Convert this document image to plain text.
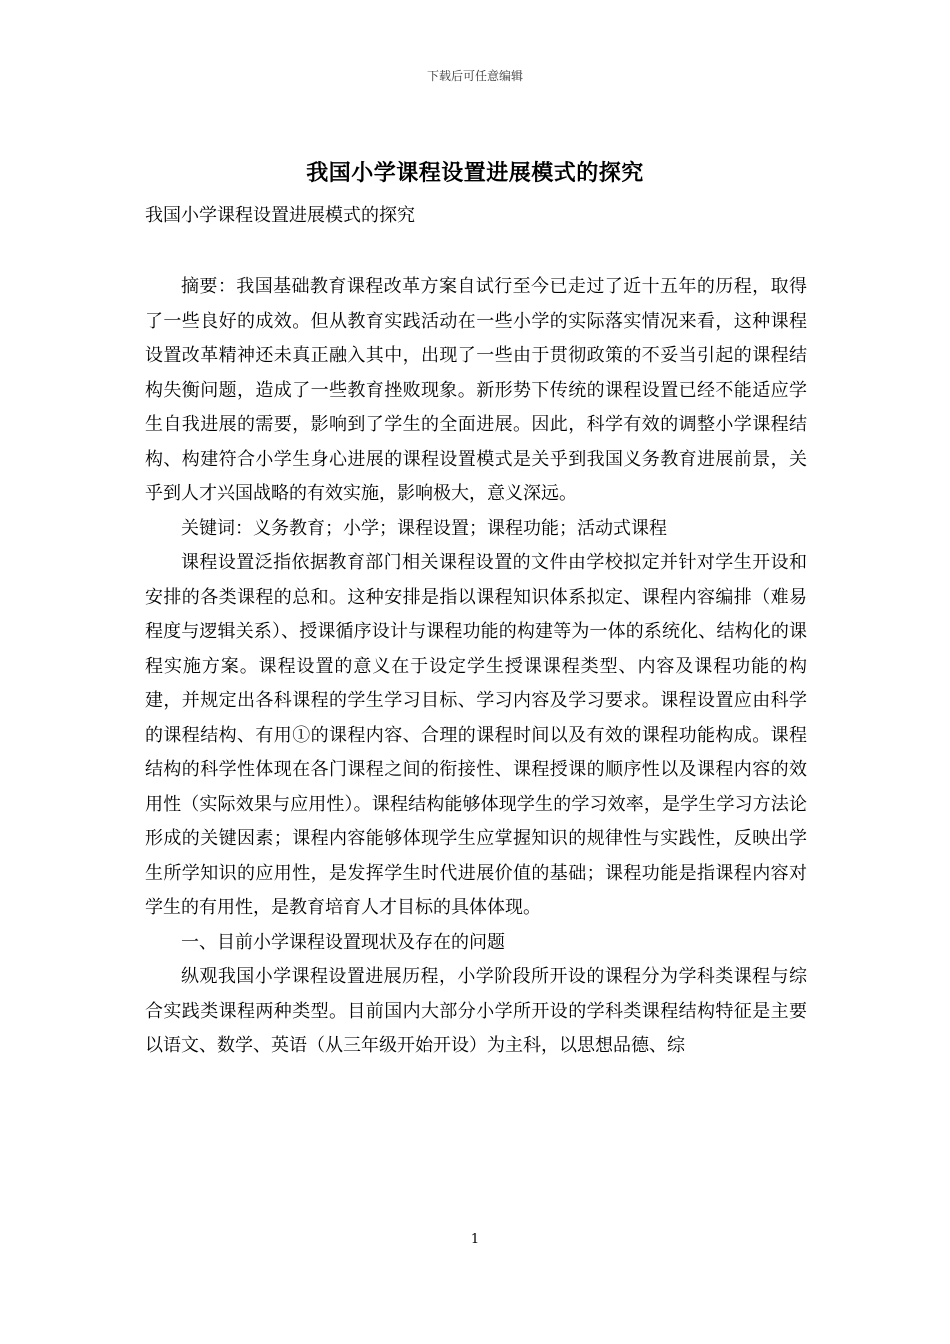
下载后可任意编辑
我国小学课程设置进展模式的探究
我国小学课程设置进展模式的探究

摘要：我国基础教育课程改革方案自试行至今已走过了近十五年的历程，取得了一些良好的成效。但从教育实践活动在一些小学的实际落实情况来看，这种课程设置改革精神还未真正融入其中，出现了一些由于贯彻政策的不妥当引起的课程结构失衡问题，造成了一些教育挫败现象。新形势下传统的课程设置已经不能适应学生自我进展的需要，影响到了学生的全面进展。因此，科学有效的调整小学课程结构、构建符合小学生身心进展的课程设置模式是关乎到我国义务教育进展前景，关乎到人才兴国战略的有效实施，影响极大，意义深远。

关键词：义务教育；小学；课程设置；课程功能；活动式课程

课程设置泛指依据教育部门相关课程设置的文件由学校拟定并针对学生开设和安排的各类课程的总和。这种安排是指以课程知识体系拟定、课程内容编排（难易程度与逻辑关系）、授课循序设计与课程功能的构建等为一体的系统化、结构化的课程实施方案。课程设置的意义在于设定学生授课课程类型、内容及课程功能的构建，并规定出各科课程的学生学习目标、学习内容及学习要求。课程设置应由科学的课程结构、有用①的课程内容、合理的课程时间以及有效的课程功能构成。课程结构的科学性体现在各门课程之间的衔接性、课程授课的顺序性以及课程内容的效用性（实际效果与应用性）。课程结构能够体现学生的学习效率，是学生学习方法论形成的关键因素；课程内容能够体现学生应掌握知识的规律性与实践性，反映出学生所学知识的应用性，是发挥学生时代进展价值的基础；课程功能是指课程内容对学生的有用性，是教育培育人才目标的具体体现。

一、目前小学课程设置现状及存在的问题

纵观我国小学课程设置进展历程，小学阶段所开设的课程分为学科类课程与综合实践类课程两种类型。目前国内大部分小学所开设的学科类课程结构特征是主要以语文、数学、英语（从三年级开始开设）为主科，以思想品德、综

1
